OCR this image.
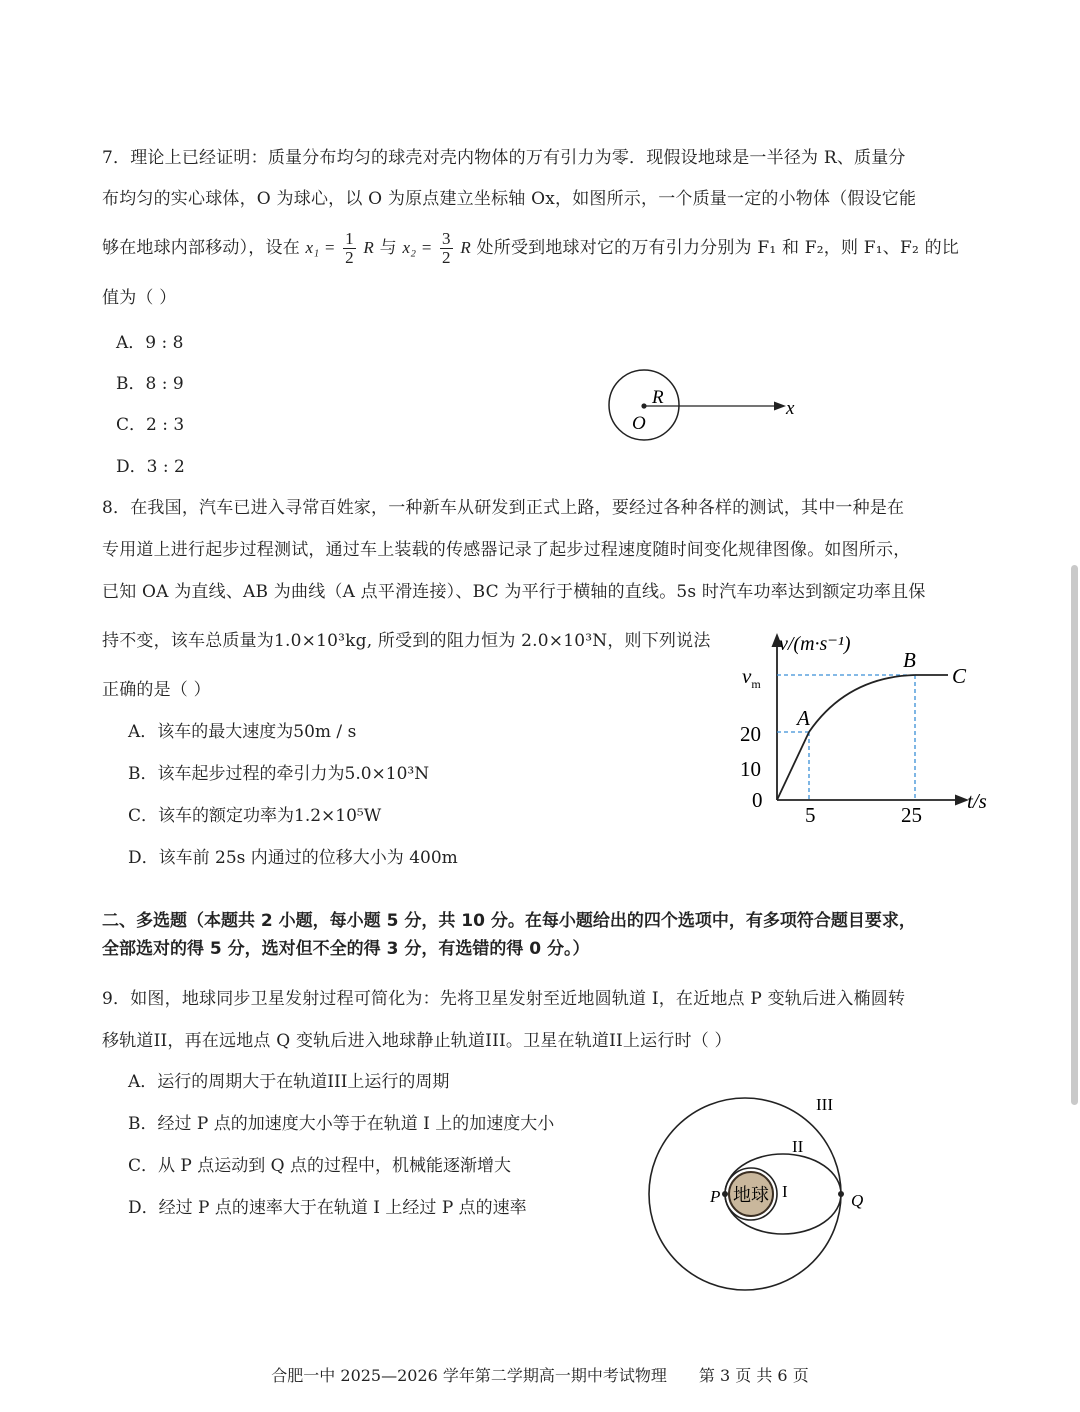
7．理论上已经证明：质量分布均匀的球壳对壳内物体的万有引力为零．现假设地球是一半径为 R、质量分
布均匀的实心球体，O 为球心，以 O 为原点建立坐标轴 Ox，如图所示，一个质量一定的小物体（假设它能
够在地球内部移动），设在 $x_1 = \frac{1}{2}$ R 与 $x_2 = \frac{3}{2}$ R 处所受到地球对它的万有引力分别为 F₁ 和 F₂，则 F₁、F₂ 的比
值为（ ）
A．9 : 8
B．8 : 9
C．2 : 3
D．3 : 2
R
O
x
8．在我国，汽车已进入寻常百姓家，一种新车从研发到正式上路，要经过各种各样的测试，其中一种是在
专用道上进行起步过程测试，通过车上装载的传感器记录了起步过程速度随时间变化规律图像。如图所示，
已知 OA 为直线、AB 为曲线（A 点平滑连接）、BC 为平行于横轴的直线。5s 时汽车功率达到额定功率且保
持不变，该车总质量为1.0×10³kg, 所受到的阻力恒为 2.0×10³N，则下列说法
正确的是（ ）
A．该车的最大速度为50m / s
B．该车起步过程的牵引力为5.0×10³N
C．该车的额定功率为1.2×10⁵W
D．该车前 25s 内通过的位移大小为 400m
v/(m·s⁻¹)
$v_m$
20
10
0
5	25
t/s
A
B
C
二、多选题（本题共 2 小题，每小题 5 分，共 10 分。在每小题给出的四个选项中，有多项符合题目要求，
全部选对的得 5 分，选对但不全的得 3 分，有选错的得 0 分。）
9．如图，地球同步卫星发射过程可简化为：先将卫星发射至近地圆轨道 I，在近地点 P 变轨后进入椭圆转
移轨道II，再在远地点 Q 变轨后进入地球静止轨道III。卫星在轨道II上运行时（ ）
A．运行的周期大于在轨道III上运行的周期
B．经过 P 点的加速度大小等于在轨道 I 上的加速度大小
C．从 P 点运动到 Q 点的过程中，机械能逐渐增大
D．经过 P 点的速率大于在轨道 I 上经过 P 点的速率
地球
III
II
I
P	Q
合肥一中 2025—2026 学年第二学期高一期中考试物理　　第 3 页 共 6 页
